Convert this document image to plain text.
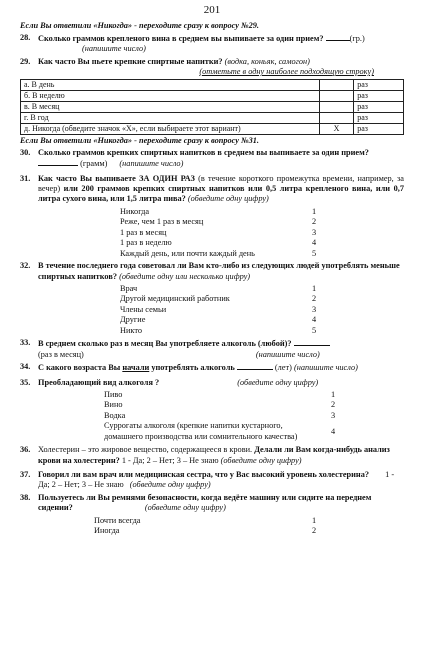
201
Если Вы ответили «Никогда» - переходите сразу к вопросу №29.
28. Сколько граммов крепленого вина в среднем вы выпиваете за один прием?	(гр.) (напишите число)
29. Как часто Вы пьете крепкие спиртные напитки? (водка, коньяк, самогон)
(отметьте в одну наиболее подходящую строку)
а. В день		раз
б. В неделю		раз
в. В месяц		раз
г. В год		раз
д. Никогда (обведите значок «Х», если выбираете этот вариант)	X	раз
Если Вы ответили «Никогда» - переходите сразу к вопросу №31.
30. Сколько граммов крепких спиртных напитков в среднем вы выпиваете за один прием?  (грамм) (напишите число)
31. Как часто Вы выпиваете ЗА ОДИН РАЗ (в течение короткого промежутка времени, например, за вечер) или 200 граммов крепких спиртных напитков или 0,5 литра крепленого вина, или 0,7 литра сухого вина, или 1,5 литра пива? (обведите одну цифру)
Никогда	1
Реже, чем 1 раз в месяц	2
1 раз в месяц	3
1 раз в неделю	4
Каждый день, или почти каждый день	5
32. В течение последнего года советовал ли Вам кто-либо из следующих людей употреблять меньше спиртных напитков? (обведите одну или несколько цифру)
Врач	1
Другой медицинский работник	2
Члены семьи	3
Другие	4
Никто	5
33. В среднем сколько раз в месяц Вы употребляете алкоголь (любой)?
(раз в месяц)	(напишите число)
34. С какого возраста Вы начали употреблять алкоголь	(лет) (напишите число)
35. Преобладающий вид алкоголя ?	(обведите одну цифру)
Пиво	1
Вино	2
Водка	3
Суррогаты алкоголя (крепкие напитки кустарного, домашнего производства или сомнительного качества)	4
36. Холестерин – это жировое вещество, содержащееся в крови. Делали ли Вам когда-нибудь анализ крови на холестерин? 1 - Да; 2 – Нет; 3 – Не знаю (обведите одну цифру)
37. Говорил ли вам врач или медицинская сестра, что у Вас высокий уровень холестерина? 1 - Да; 2 – Нет; 3 – Не знаю (обведите одну цифру)
38. Пользуетесь ли Вы ремнями безопасности, когда ведёте машину или сидите на переднем сидении?	(обведите одну цифру)
Почти всегда	1
Иногда	2
